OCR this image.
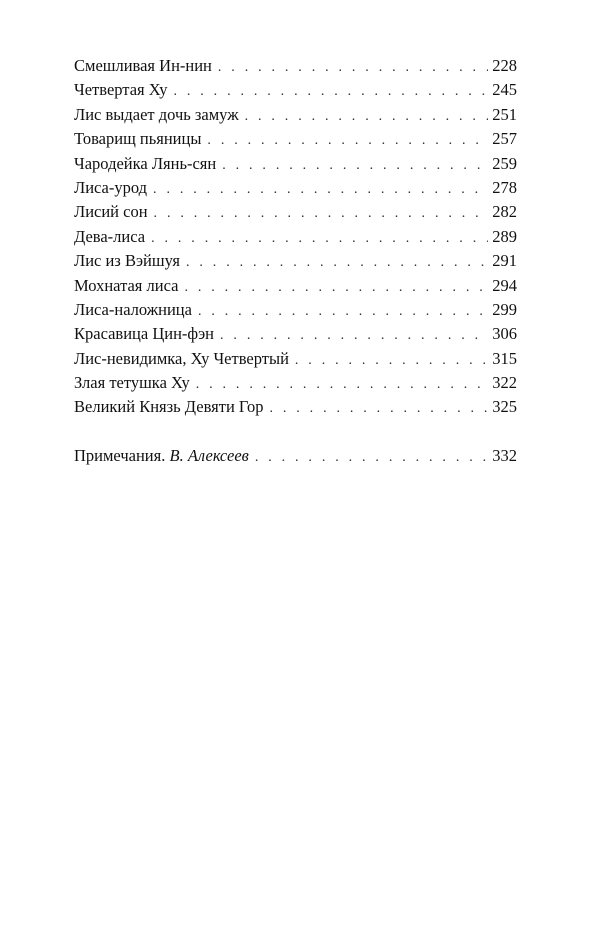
Смешливая Ин-нин . . .	228
Четвертая Ху . . .	245
Лис выдает дочь замуж . . .	251
Товарищ пьяницы . . .	257
Чародейка Лянь-сян . . .	259
Лиса-урод . . .	278
Лисий сон . . .	282
Дева-лиса . . .	289
Лис из Вэйшуя . . .	291
Мохнатая лиса . . .	294
Лиса-наложница . . .	299
Красавица Цин-фэн . . .	306
Лис-невидимка, Ху Четвертый . . .	315
Злая тетушка Ху . . .	322
Великий Князь Девяти Гор . . .	325
Примечания. В. Алексеев . . .	332
